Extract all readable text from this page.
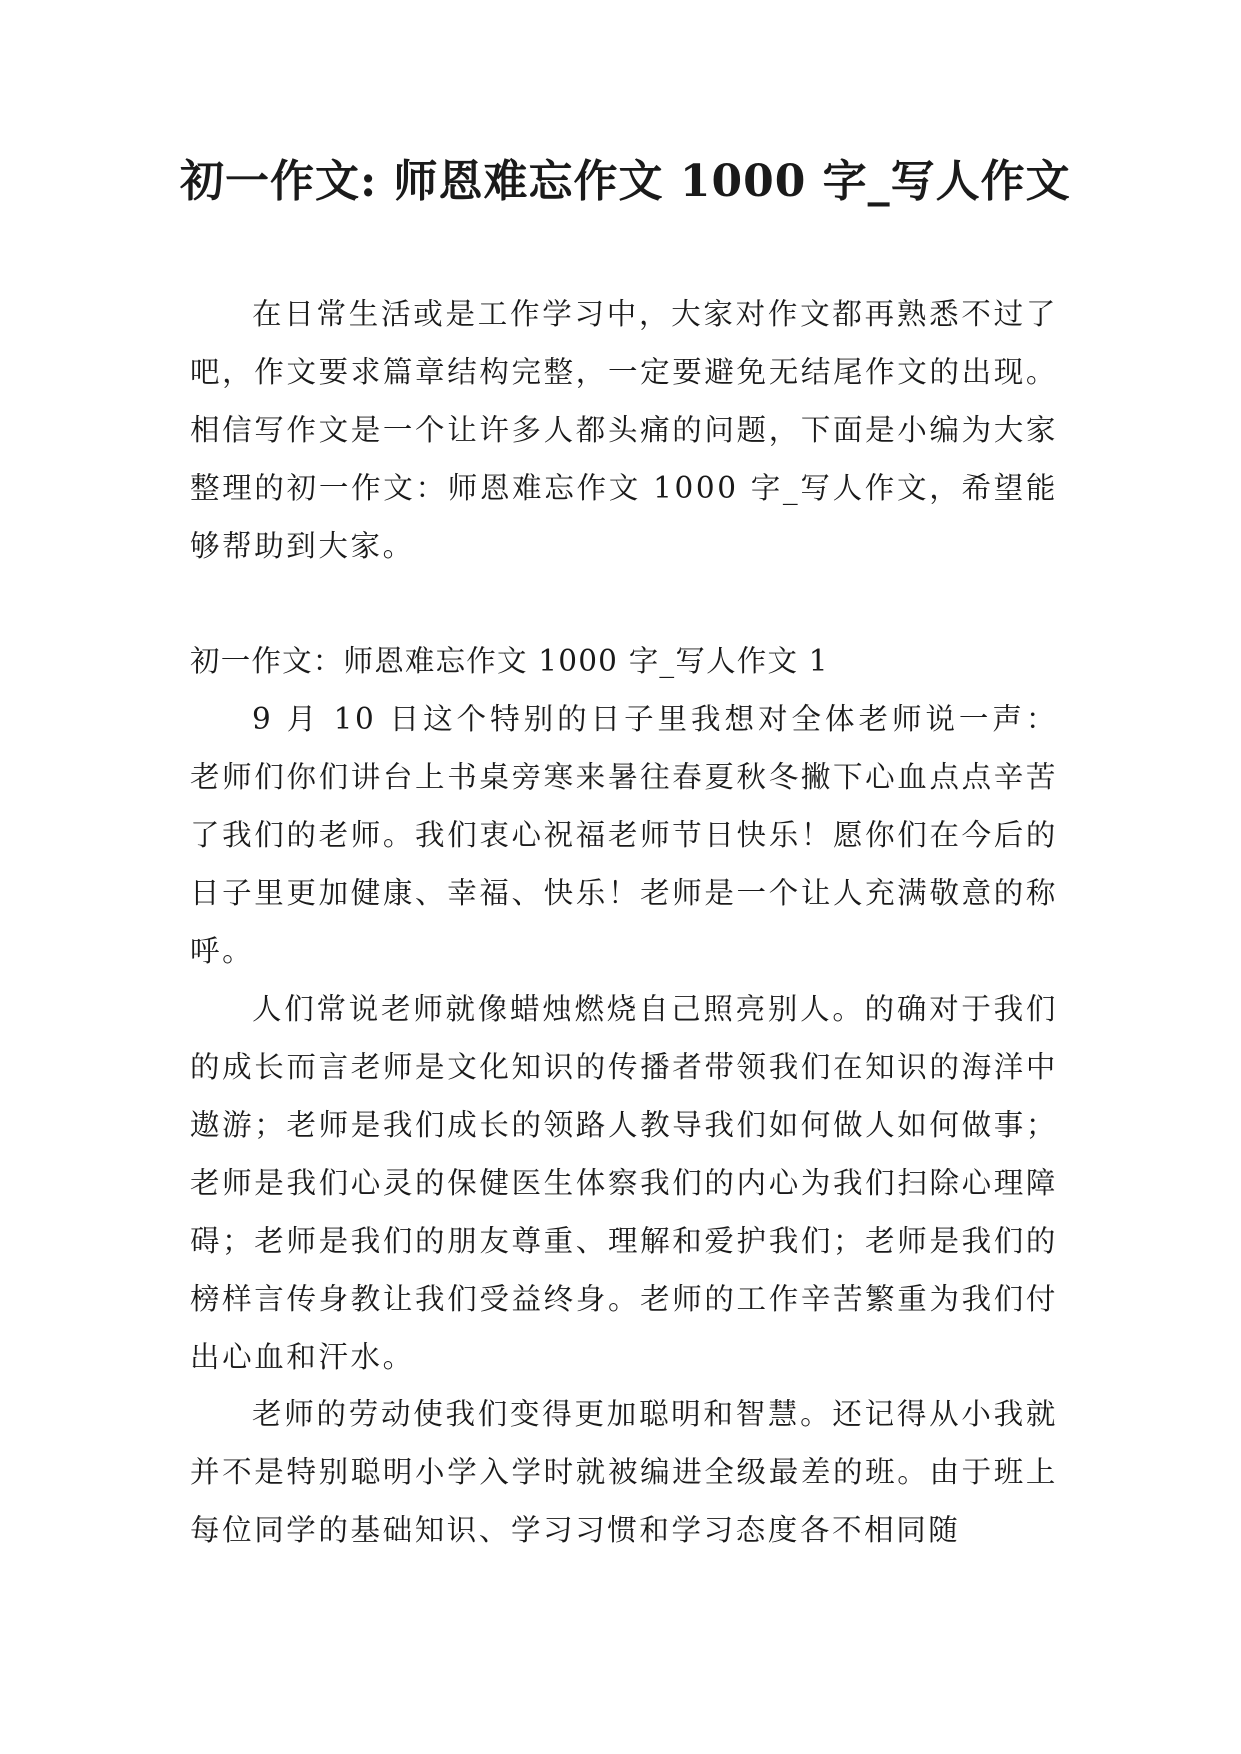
初一作文: 师恩难忘作文 1000 字_写人作文

在日常生活或是工作学习中，大家对作文都再熟悉不过了吧，作文要求篇章结构完整，一定要避免无结尾作文的出现。相信写作文是一个让许多人都头痛的问题，下面是小编为大家整理的初一作文：师恩难忘作文 1000 字_写人作文，希望能够帮助到大家。

初一作文：师恩难忘作文 1000 字_写人作文 1

9 月 10 日这个特别的日子里我想对全体老师说一声：老师们你们讲台上书桌旁寒来暑往春夏秋冬撇下心血点点辛苦了我们的老师。我们衷心祝福老师节日快乐！愿你们在今后的日子里更加健康、幸福、快乐！老师是一个让人充满敬意的称呼。

人们常说老师就像蜡烛燃烧自己照亮别人。的确对于我们的成长而言老师是文化知识的传播者带领我们在知识的海洋中遨游；老师是我们成长的领路人教导我们如何做人如何做事；老师是我们心灵的保健医生体察我们的内心为我们扫除心理障碍；老师是我们的朋友尊重、理解和爱护我们；老师是我们的榜样言传身教让我们受益终身。老师的工作辛苦繁重为我们付出心血和汗水。

老师的劳动使我们变得更加聪明和智慧。还记得从小我就并不是特别聪明小学入学时就被编进全级最差的班。由于班上每位同学的基础知识、学习习惯和学习态度各不相同随
